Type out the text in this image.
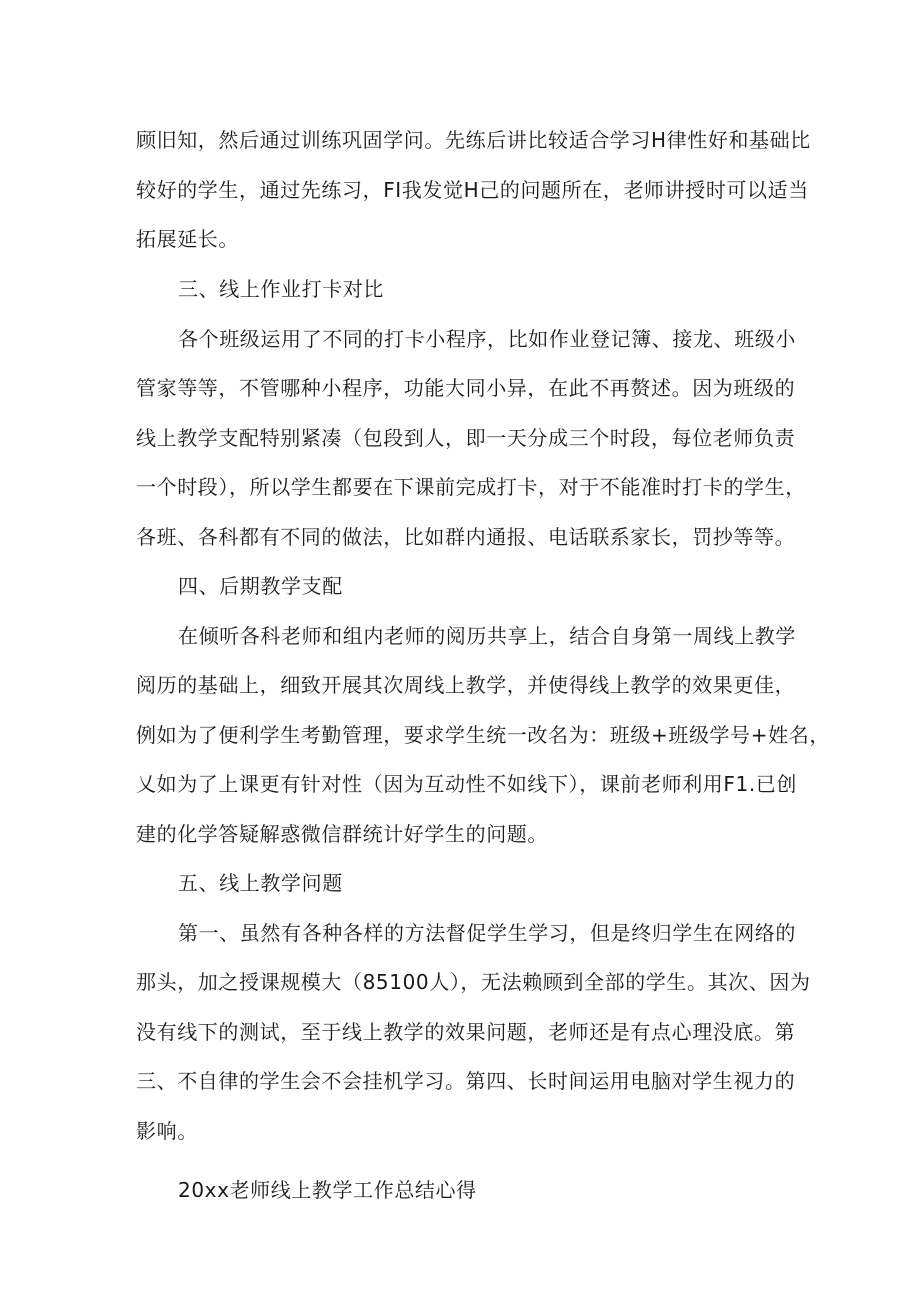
顾旧知，然后通过训练巩固学问。先练后讲比较适合学习H律性好和基础比
较好的学生，通过先练习，FI我发觉H己的问题所在，老师讲授时可以适当
拓展延长。
三、线上作业打卡对比
各个班级运用了不同的打卡小程序，比如作业登记簿、接龙、班级小
管家等等，不管哪种小程序，功能大同小异，在此不再赘述。因为班级的
线上教学支配特别紧凑（包段到人，即一天分成三个时段，每位老师负责
一个时段），所以学生都要在下课前完成打卡，对于不能准时打卡的学生，
各班、各科都有不同的做法，比如群内通报、电话联系家长，罚抄等等。
四、后期教学支配
在倾听各科老师和组内老师的阅历共享上，结合自身第一周线上教学
阅历的基础上，细致开展其次周线上教学，并使得线上教学的效果更佳，
例如为了便利学生考勤管理，要求学生统一改名为：班级+班级学号+姓名，
乂如为了上课更有针对性（因为互动性不如线下），课前老师利用F1.已创
建的化学答疑解惑微信群统计好学生的问题。
五、线上教学问题
第一、虽然有各种各样的方法督促学生学习，但是终归学生在网络的
那头，加之授课规模大（85100人），无法赖顾到全部的学生。其次、因为
没有线下的测试，至于线上教学的效果问题，老师还是有点心理没底。第
三、不自律的学生会不会挂机学习。第四、长时间运用电脑对学生视力的
影响。
20xx老师线上教学工作总结心得
